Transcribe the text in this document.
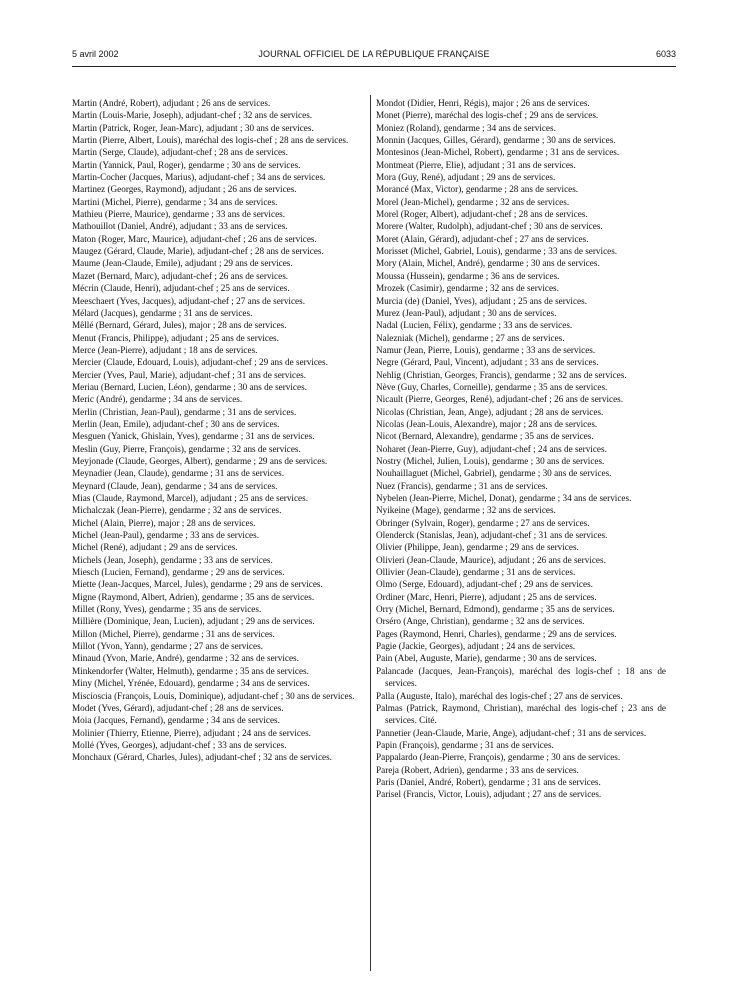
5 avril 2002	JOURNAL OFFICIEL DE LA RÉPUBLIQUE FRANÇAISE	6033
Martin (André, Robert), adjudant ; 26 ans de services.
Martin (Louis-Marie, Joseph), adjudant-chef ; 32 ans de services.
Martin (Patrick, Roger, Jean-Marc), adjudant ; 30 ans de services.
Martin (Pierre, Albert, Louis), maréchal des logis-chef ; 28 ans de services.
Martin (Serge, Claude), adjudant-chef ; 28 ans de services.
Martin (Yannick, Paul, Roger), gendarme ; 30 ans de services.
Martin-Cocher (Jacques, Marius), adjudant-chef ; 34 ans de services.
Martinez (Georges, Raymond), adjudant ; 26 ans de services.
Martini (Michel, Pierre), gendarme ; 34 ans de services.
Mathieu (Pierre, Maurice), gendarme ; 33 ans de services.
Mathouillot (Daniel, André), adjudant ; 33 ans de services.
Maton (Roger, Marc, Maurice), adjudant-chef ; 26 ans de services.
Maugez (Gérard, Claude, Marie), adjudant-chef ; 28 ans de services.
Maume (Jean-Claude, Emile), adjudant ; 29 ans de services.
Mazet (Bernard, Marc), adjudant-chef ; 26 ans de services.
Mécrin (Claude, Henri), adjudant-chef ; 25 ans de services.
Meeschaert (Yves, Jacques), adjudant-chef ; 27 ans de services.
Mélard (Jacques), gendarme ; 31 ans de services.
Mêllé (Bernard, Gérard, Jules), major ; 28 ans de services.
Menut (Francis, Philippe), adjudant ; 25 ans de services.
Merce (Jean-Pierre), adjudant ; 18 ans de services.
Mercier (Claude, Edouard, Louis), adjudant-chef ; 29 ans de services.
Mercier (Yves, Paul, Marie), adjudant-chef ; 31 ans de services.
Meriau (Bernard, Lucien, Léon), gendarme ; 30 ans de services.
Meric (André), gendarme ; 34 ans de services.
Merlin (Christian, Jean-Paul), gendarme ; 31 ans de services.
Merlin (Jean, Emile), adjudant-chef ; 30 ans de services.
Mesguen (Yanick, Ghislain, Yves), gendarme ; 31 ans de services.
Meslin (Guy, Pierre, François), gendarme ; 32 ans de services.
Meyjonade (Claude, Georges, Albert), gendarme ; 29 ans de services.
Meynadier (Jean, Claude), gendarme ; 31 ans de services.
Meynard (Claude, Jean), gendarme ; 34 ans de services.
Mias (Claude, Raymond, Marcel), adjudant ; 25 ans de services.
Michalczak (Jean-Pierre), gendarme ; 32 ans de services.
Michel (Alain, Pierre), major ; 28 ans de services.
Michel (Jean-Paul), gendarme ; 33 ans de services.
Michel (René), adjudant ; 29 ans de services.
Michels (Jean, Joseph), gendarme ; 33 ans de services.
Miesch (Lucien, Fernand), gendarme ; 29 ans de services.
Miette (Jean-Jacques, Marcel, Jules), gendarme ; 29 ans de services.
Migne (Raymond, Albert, Adrien), gendarme ; 35 ans de services.
Millet (Rony, Yves), gendarme ; 35 ans de services.
Millière (Dominique, Jean, Lucien), adjudant ; 29 ans de services.
Millon (Michel, Pierre), gendarme ; 31 ans de services.
Millot (Yvon, Yann), gendarme ; 27 ans de services.
Minaud (Yvon, Marie, André), gendarme ; 32 ans de services.
Minkendorfer (Walter, Helmuth), gendarme ; 35 ans de services.
Miny (Michel, Yrénée, Edouard), gendarme ; 34 ans de services.
Miscioscia (François, Louis, Dominique), adjudant-chef ; 30 ans de services.
Modet (Yves, Gérard), adjudant-chef ; 28 ans de services.
Moia (Jacques, Fernand), gendarme ; 34 ans de services.
Molinier (Thierry, Etienne, Pierre), adjudant ; 24 ans de services.
Mollé (Yves, Georges), adjudant-chef ; 33 ans de services.
Monchaux (Gérard, Charles, Jules), adjudant-chef ; 32 ans de services.
Mondot (Didier, Henri, Régis), major ; 26 ans de services.
Monet (Pierre), maréchal des logis-chef ; 29 ans de services.
Moniez (Roland), gendarme ; 34 ans de services.
Monnin (Jacques, Gilles, Gérard), gendarme ; 30 ans de services.
Montesinos (Jean-Michel, Robert), gendarme ; 31 ans de services.
Montmeat (Pierre, Elie), adjudant ; 31 ans de services.
Mora (Guy, René), adjudant ; 29 ans de services.
Morancé (Max, Victor), gendarme ; 28 ans de services.
Morel (Jean-Michel), gendarme ; 32 ans de services.
Morel (Roger, Albert), adjudant-chef ; 28 ans de services.
Morere (Walter, Rudolph), adjudant-chef ; 30 ans de services.
Moret (Alain, Gérard), adjudant-chef ; 27 ans de services.
Morisset (Michel, Gabriel, Louis), gendarme ; 33 ans de services.
Mory (Alain, Michel, André), gendarme ; 30 ans de services.
Moussa (Hussein), gendarme ; 36 ans de services.
Mrozek (Casimir), gendarme ; 32 ans de services.
Murcia (de) (Daniel, Yves), adjudant ; 25 ans de services.
Murez (Jean-Paul), adjudant ; 30 ans de services.
Nadal (Lucien, Félix), gendarme ; 33 ans de services.
Nalezniak (Michel), gendarme ; 27 ans de services.
Namur (Jean, Pierre, Louis), gendarme ; 33 ans de services.
Negre (Gérard, Paul, Vincent), adjudant ; 33 ans de services.
Nehlig (Christian, Georges, Francis), gendarme ; 32 ans de services.
Nève (Guy, Charles, Corneille), gendarme ; 35 ans de services.
Nicault (Pierre, Georges, René), adjudant-chef ; 26 ans de services.
Nicolas (Christian, Jean, Ange), adjudant ; 28 ans de services.
Nicolas (Jean-Louis, Alexandre), major ; 28 ans de services.
Nicot (Bernard, Alexandre), gendarme ; 35 ans de services.
Noharet (Jean-Pierre, Guy), adjudant-chef ; 24 ans de services.
Nostry (Michel, Julien, Louis), gendarme ; 30 ans de services.
Nouhaillaguet (Michel, Gabriel), gendarme ; 30 ans de services.
Nuez (Francis), gendarme ; 31 ans de services.
Nybelen (Jean-Pierre, Michel, Donat), gendarme ; 34 ans de services.
Nyikeine (Mage), gendarme ; 32 ans de services.
Obringer (Sylvain, Roger), gendarme ; 27 ans de services.
Olenderck (Stanislas, Jean), adjudant-chef ; 31 ans de services.
Olivier (Philippe, Jean), gendarme ; 29 ans de services.
Olivieri (Jean-Claude, Maurice), adjudant ; 26 ans de services.
Ollivier (Jean-Claude), gendarme ; 31 ans de services.
Olmo (Serge, Edouard), adjudant-chef ; 29 ans de services.
Ordiner (Marc, Henri, Pierre), adjudant ; 25 ans de services.
Orry (Michel, Bernard, Edmond), gendarme ; 35 ans de services.
Orséro (Ange, Christian), gendarme ; 32 ans de services.
Pages (Raymond, Henri, Charles), gendarme ; 29 ans de services.
Pagie (Jackie, Georges), adjudant ; 24 ans de services.
Pain (Abel, Auguste, Marie), gendarme ; 30 ans de services.
Palancade (Jacques, Jean-François), maréchal des logis-chef ; 18 ans de services.
Palla (Auguste, Italo), maréchal des logis-chef ; 27 ans de services.
Palmas (Patrick, Raymond, Christian), maréchal des logis-chef ; 23 ans de services. Cité.
Pannetier (Jean-Claude, Marie, Ange), adjudant-chef ; 31 ans de services.
Papin (François), gendarme ; 31 ans de services.
Pappalardo (Jean-Pierre, François), gendarme ; 30 ans de services.
Pareja (Robert, Adrien), gendarme ; 33 ans de services.
Paris (Daniel, André, Robert), gendarme ; 31 ans de services.
Parisel (Francis, Victor, Louis), adjudant ; 27 ans de services.
